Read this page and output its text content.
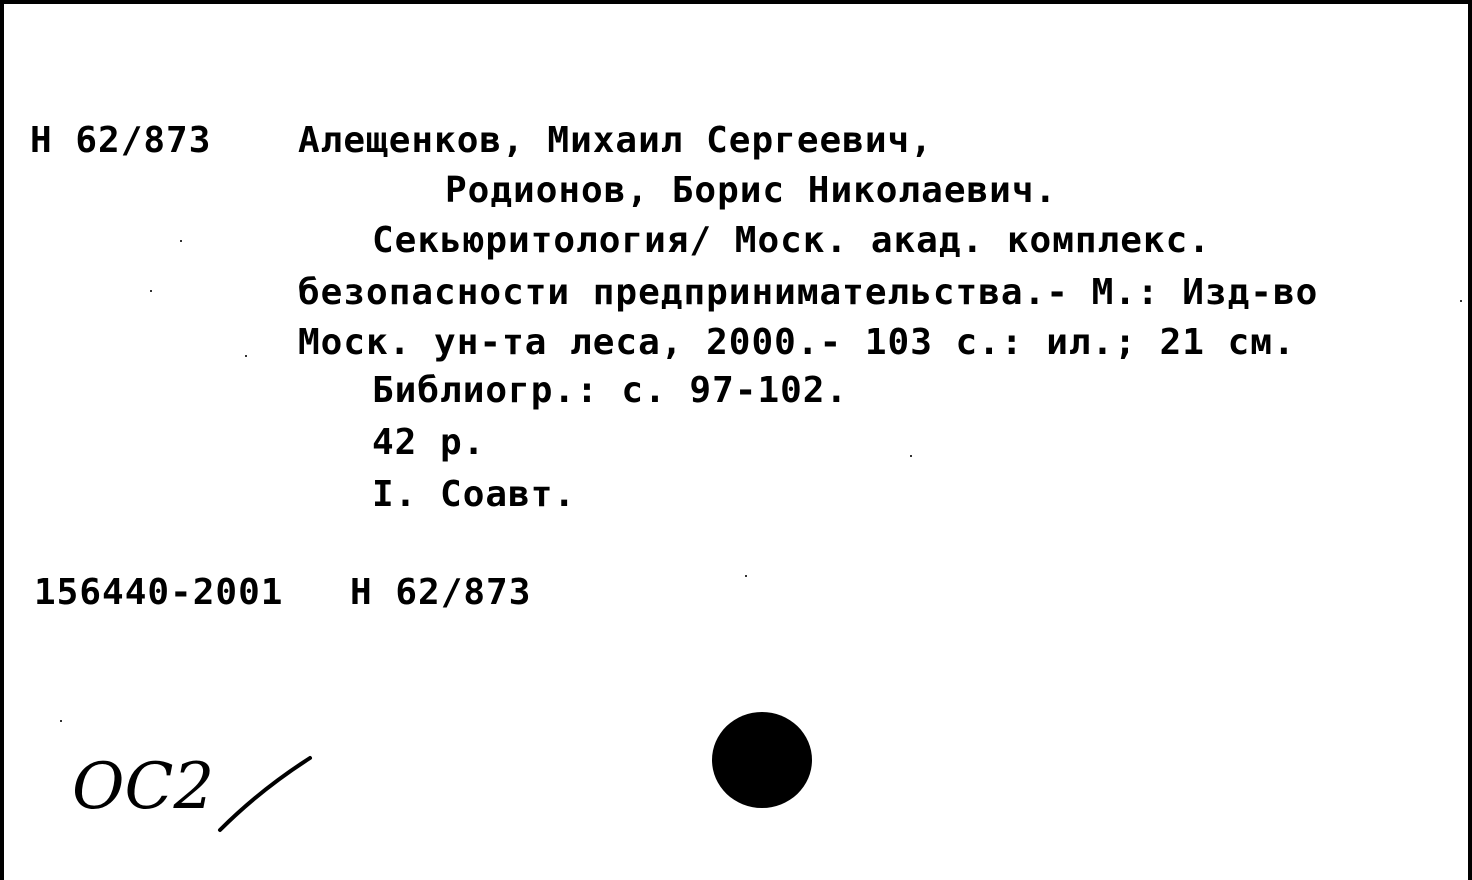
Н 62/873 Алещенков, Михаил Сергеевич,
Родионов, Борис Николаевич.
Секьюритология/ Моск. акад. комплекс.
безопасности предпринимательства.- М.: Изд-во
Моск. ун-та леса, 2000.- 103 с.: ил.; 21 см.
Библиогр.: с. 97-102.
42 р.
I. Соавт.
156440-2001 Н 62/873
ОС2
